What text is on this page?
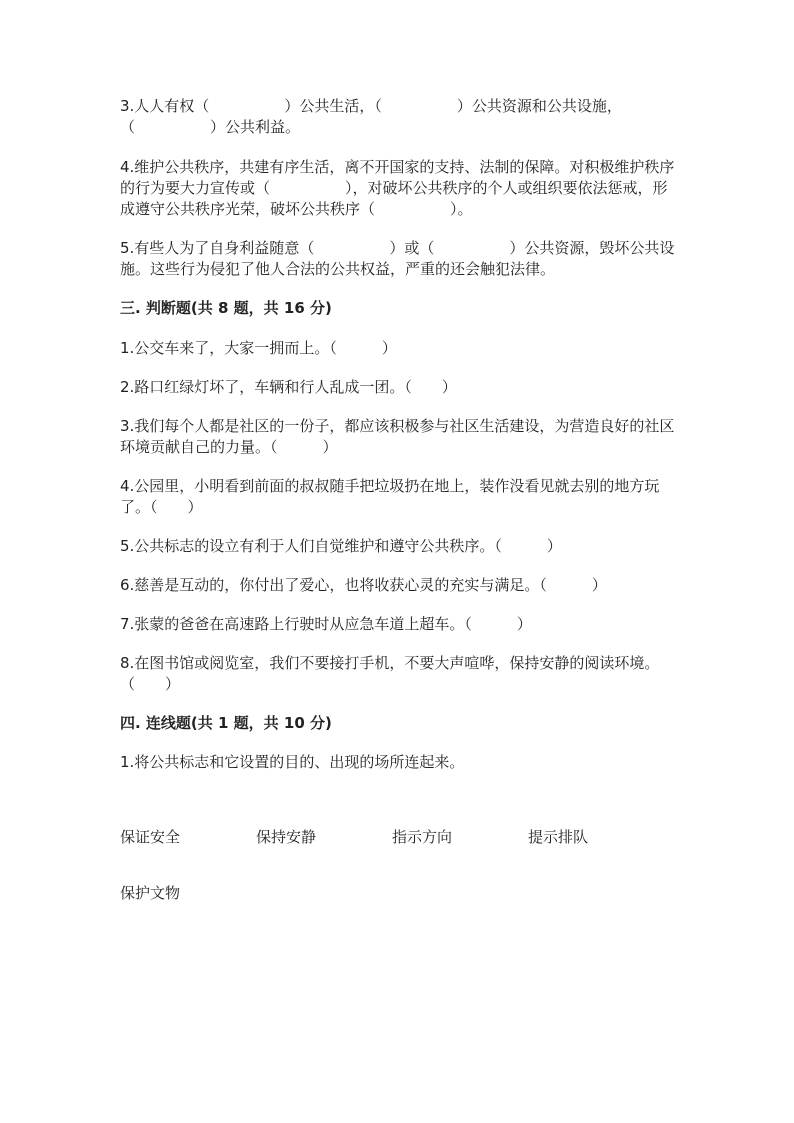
3.人人有权（　　　　　）公共生活，（　　　　　）公共资源和公共设施，（　　　　　）公共利益。

4.维护公共秩序，共建有序生活，离不开国家的支持、法制的保障。对积极维护秩序的行为要大力宣传或（　　　　　），对破坏公共秩序的个人或组织要依法惩戒，形成遵守公共秩序光荣，破坏公共秩序（　　　　　）。

5.有些人为了自身利益随意（　　　　　）或（　　　　　）公共资源，毁坏公共设施。这些行为侵犯了他人合法的公共权益，严重的还会触犯法律。

三. 判断题(共 8 题，共 16 分)

1.公交车来了，大家一拥而上。（　　　）

2.路口红绿灯坏了，车辆和行人乱成一团。（　　）

3.我们每个人都是社区的一份子，都应该积极参与社区生活建设，为营造良好的社区环境贡献自己的力量。（　　　）

4.公园里，小明看到前面的叔叔随手把垃圾扔在地上，装作没看见就去别的地方玩了。（　　）

5.公共标志的设立有利于人们自觉维护和遵守公共秩序。（　　　）

6.慈善是互动的，你付出了爱心，也将收获心灵的充实与满足。（　　　）

7.张蒙的爸爸在高速路上行驶时从应急车道上超车。（　　　）

8.在图书馆或阅览室，我们不要接打手机，不要大声喧哗，保持安静的阅读环境。（　　）

四. 连线题(共 1 题，共 10 分)

1.将公共标志和它设置的目的、出现的场所连起来。

保证安全	保持安静	指示方向	提示排队
保护文物
